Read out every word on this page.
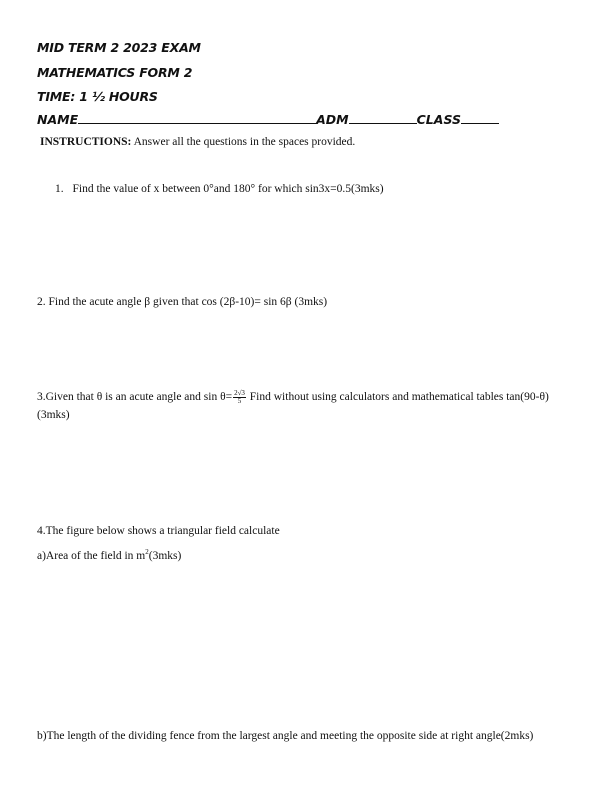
MID TERM 2 2023 EXAM
MATHEMATICS FORM 2
TIME: 1 ½ HOURS
NAME	ADM	CLASS
INSTRUCTIONS: Answer all the questions in the spaces provided.
1. Find the value of x between 0°and 180° for which sin3x=0.5(3mks)
2. Find the acute angle β given that cos (2β-10)= sin 6β (3mks)
3.Given that θ is an acute angle and $\sin \theta= \frac{2√3}{5}$ Find without using calculators and mathematical tables tan(90-θ)(3mks)
4.The figure below shows a triangular field calculate
a)Area of the field in $m^2(3mks)$
b)The length of the dividing fence from the largest angle and meeting the opposite side at right angle(2mks)
